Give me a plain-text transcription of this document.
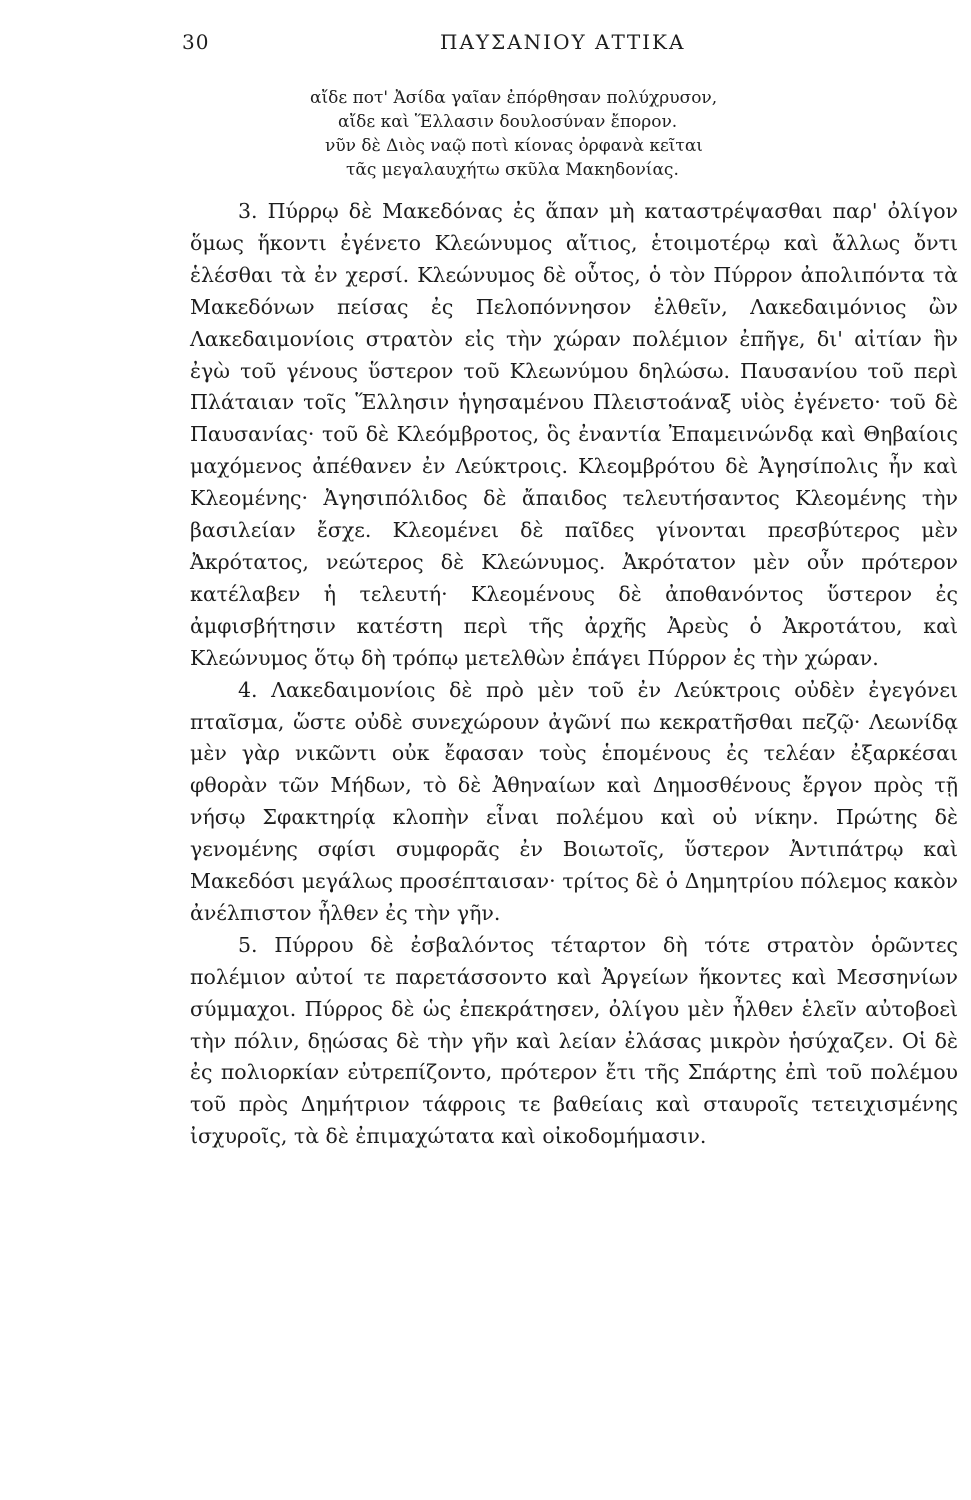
30	ΠΑΥΣΑΝΙΟΥ ΑΤΤΙΚΑ
αἴδε ποτ' Ἀσίδα γαῖαν ἐπόρθησαν πολύχρυσον,
αἴδε καὶ Ἕλλασιν δουλοσύναν ἔπορον.
νῦν δὲ Διὸς ναῷ ποτὶ κίονας ὀρφανὰ κεῖται
τᾶς μεγαλαυχήτω σκῦλα Μακηδονίας.

3. Πύρρῳ δὲ Μακεδόνας ἐς ἅπαν μὴ καταστρέψασθαι παρ' ὀλίγον ὅμως ἥκοντι ἐγένετο Κλεώνυμος αἴτιος, ἑτοιμοτέρῳ καὶ ἄλλως ὄντι ἑλέσθαι τὰ ἐν χερσί. Κλεώνυμος δὲ οὗτος, ὁ τὸν Πύρρον ἀπολιπόντα τὰ Μακεδόνων πείσας ἐς Πελοπόννησον ἐλθεῖν, Λακεδαιμόνιος ὢν Λακεδαιμονίοις στρατὸν εἰς τὴν χώραν πολέμιον ἐπῆγε, δι' αἰτίαν ἣν ἐγὼ τοῦ γένους ὕστερον τοῦ Κλεωνύμου δηλώσω. Παυσανίου τοῦ περὶ Πλάταιαν τοῖς Ἕλλησιν ἡγησαμένου Πλειστοάναξ υἱὸς ἐγένετο· τοῦ δὲ Παυσανίας· τοῦ δὲ Κλεόμβροτος, ὃς ἐναντία Ἐπαμεινώνδᾳ καὶ Θηβαίοις μαχόμενος ἀπέθανεν ἐν Λεύκτροις. Κλεομβρότου δὲ Ἀγησίπολις ἦν καὶ Κλεομένης· Ἀγησιπόλιδος δὲ ἄπαιδος τελευτήσαντος Κλεομένης τὴν βασιλείαν ἔσχε. Κλεομένει δὲ παῖδες γίνονται πρεσβύτερος μὲν Ἀκρότατος, νεώτερος δὲ Κλεώνυμος. Ἀκρότατον μὲν οὖν πρότερον κατέλαβεν ἡ τελευτή· Κλεομένους δὲ ἀποθανόντος ὕστερον ἐς ἀμφισβήτησιν κατέστη περὶ τῆς ἀρχῆς Ἀρεὺς ὁ Ἀκροτάτου, καὶ Κλεώνυμος ὅτῳ δὴ τρόπῳ μετελθὼν ἐπάγει Πύρρον ἐς τὴν χώραν.

4. Λακεδαιμονίοις δὲ πρὸ μὲν τοῦ ἐν Λεύκτροις οὐδὲν ἐγεγόνει πταῖσμα, ὥστε οὐδὲ συνεχώρουν ἀγῶνί πω κεκρατῆσθαι πεζῷ· Λεωνίδᾳ μὲν γὰρ νικῶντι οὐκ ἔφασαν τοὺς ἑπομένους ἐς τελέαν ἐξαρκέσαι φθορὰν τῶν Μήδων, τὸ δὲ Ἀθηναίων καὶ Δημοσθένους ἔργον πρὸς τῇ νήσῳ Σφακτηρίᾳ κλοπὴν εἶναι πολέμου καὶ οὐ νίκην. Πρώτης δὲ γενομένης σφίσι συμφορᾶς ἐν Βοιωτοῖς, ὕστερον Ἀντιπάτρῳ καὶ Μακεδόσι μεγάλως προσέπταισαν· τρίτος δὲ ὁ Δημητρίου πόλεμος κακὸν ἀνέλπιστον ἦλθεν ἐς τὴν γῆν.

5. Πύρρου δὲ ἐσβαλόντος τέταρτον δὴ τότε στρατὸν ὁρῶντες πολέμιον αὐτοί τε παρετάσσοντο καὶ Ἀργείων ἥκοντες καὶ Μεσσηνίων σύμμαχοι. Πύρρος δὲ ὡς ἐπεκράτησεν, ὀλίγου μὲν ἦλθεν ἑλεῖν αὐτοβοεὶ τὴν πόλιν, δῃώσας δὲ τὴν γῆν καὶ λείαν ἐλάσας μικρὸν ἡσύχαζεν. Οἱ δὲ ἐς πολιορκίαν εὐτρεπίζοντο, πρότερον ἔτι τῆς Σπάρτης ἐπὶ τοῦ πολέμου τοῦ πρὸς Δημήτριον τάφροις τε βαθείαις καὶ σταυροῖς τετειχισμένης ἰσχυροῖς, τὰ δὲ ἐπιμαχώτατα καὶ οἰκοδομήμασιν.
